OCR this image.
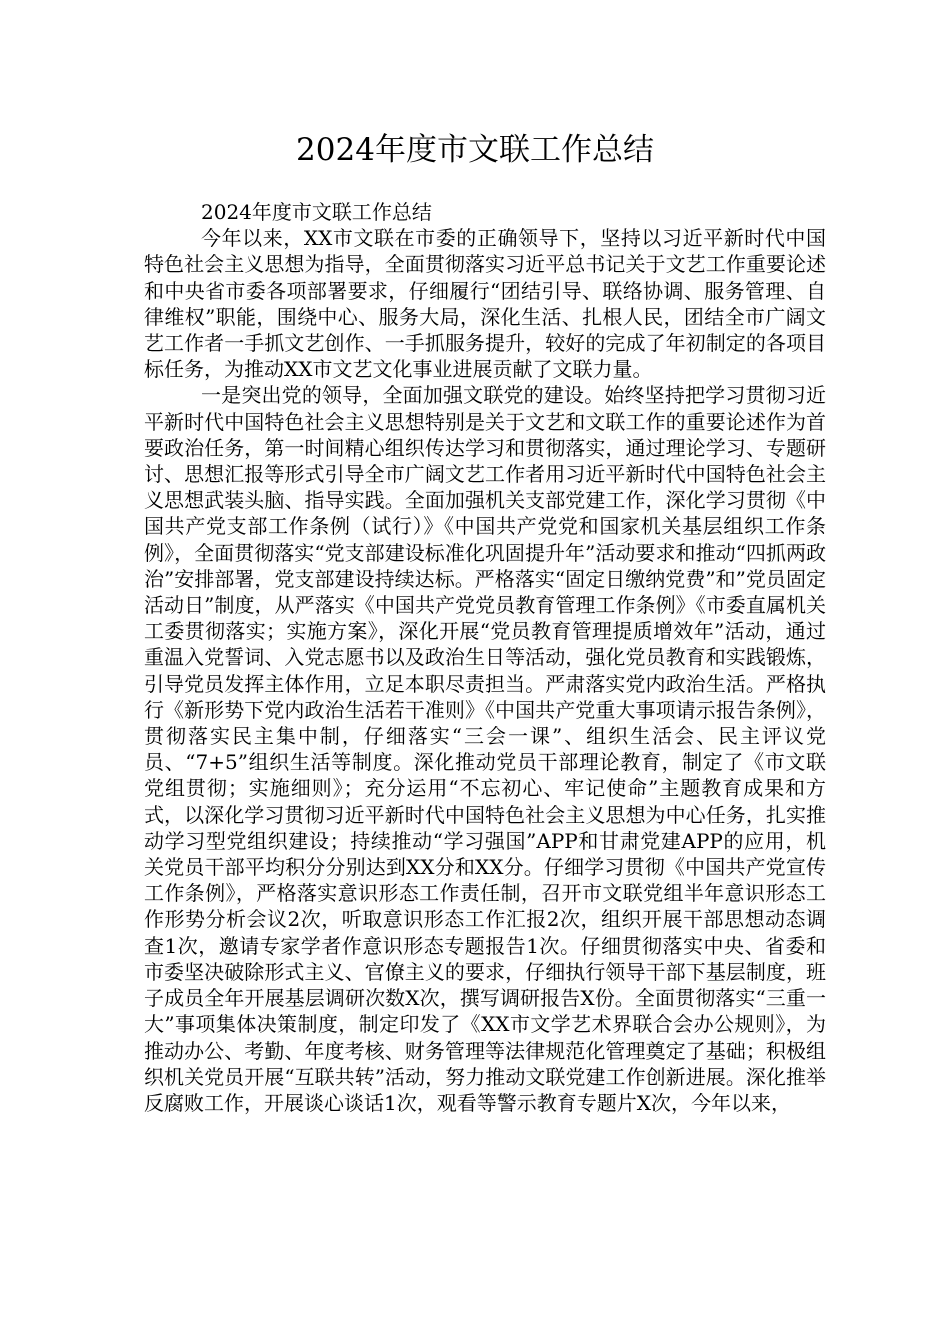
2024年度市文联工作总结

2024年度市文联工作总结

今年以来，XX市文联在市委的正确领导下，坚持以习近平新时代中国特色社会主义思想为指导，全面贯彻落实习近平总书记关于文艺工作重要论述和中央省市委各项部署要求，仔细履行“团结引导、联络协调、服务管理、自律维权”职能，围绕中心、服务大局，深化生活、扎根人民，团结全市广阔文艺工作者一手抓文艺创作、一手抓服务提升，较好的完成了年初制定的各项目标任务，为推动XX市文艺文化事业进展贡献了文联力量。

一是突出党的领导，全面加强文联党的建设。始终坚持把学习贯彻习近平新时代中国特色社会主义思想特别是关于文艺和文联工作的重要论述作为首要政治任务，第一时间精心组织传达学习和贯彻落实，通过理论学习、专题研讨、思想汇报等形式引导全市广阔文艺工作者用习近平新时代中国特色社会主义思想武装头脑、指导实践。全面加强机关支部党建工作，深化学习贯彻《中国共产党支部工作条例（试行）》《中国共产党党和国家机关基层组织工作条例》，全面贯彻落实“党支部建设标准化巩固提升年”活动要求和推动“四抓两政治”安排部署，党支部建设持续达标。严格落实“固定日缴纳党费”和”党员固定活动日”制度，从严落实《中国共产党党员教育管理工作条例》《市委直属机关工委贯彻落实；实施方案》，深化开展“党员教育管理提质增效年”活动，通过重温入党誓词、入党志愿书以及政治生日等活动，强化党员教育和实践锻炼，引导党员发挥主体作用，立足本职尽责担当。严肃落实党内政治生活。严格执行《新形势下党内政治生活若干准则》《中国共产党重大事项请示报告条例》，贯彻落实民主集中制，仔细落实“三会一课”、组织生活会、民主评议党员、“7+5”组织生活等制度。深化推动党员干部理论教育，制定了《市文联党组贯彻；实施细则》；充分运用“不忘初心、牢记使命”主题教育成果和方式，以深化学习贯彻习近平新时代中国特色社会主义思想为中心任务，扎实推动学习型党组织建设；持续推动“学习强国”APP和甘肃党建APP的应用，机关党员干部平均积分分别达到XX分和XX分。仔细学习贯彻《中国共产党宣传工作条例》，严格落实意识形态工作责任制，召开市文联党组半年意识形态工作形势分析会议2次，听取意识形态工作汇报2次，组织开展干部思想动态调查1次，邀请专家学者作意识形态专题报告1次。仔细贯彻落实中央、省委和市委坚决破除形式主义、官僚主义的要求，仔细执行领导干部下基层制度，班子成员全年开展基层调研次数X次，撰写调研报告X份。全面贯彻落实“三重一大”事项集体决策制度，制定印发了《XX市文学艺术界联合会办公规则》，为推动办公、考勤、年度考核、财务管理等法律规范化管理奠定了基础；积极组织机关党员开展“互联共转”活动，努力推动文联党建工作创新进展。深化推举反腐败工作，开展谈心谈话1次，观看等警示教育专题片X次，今年以来，
